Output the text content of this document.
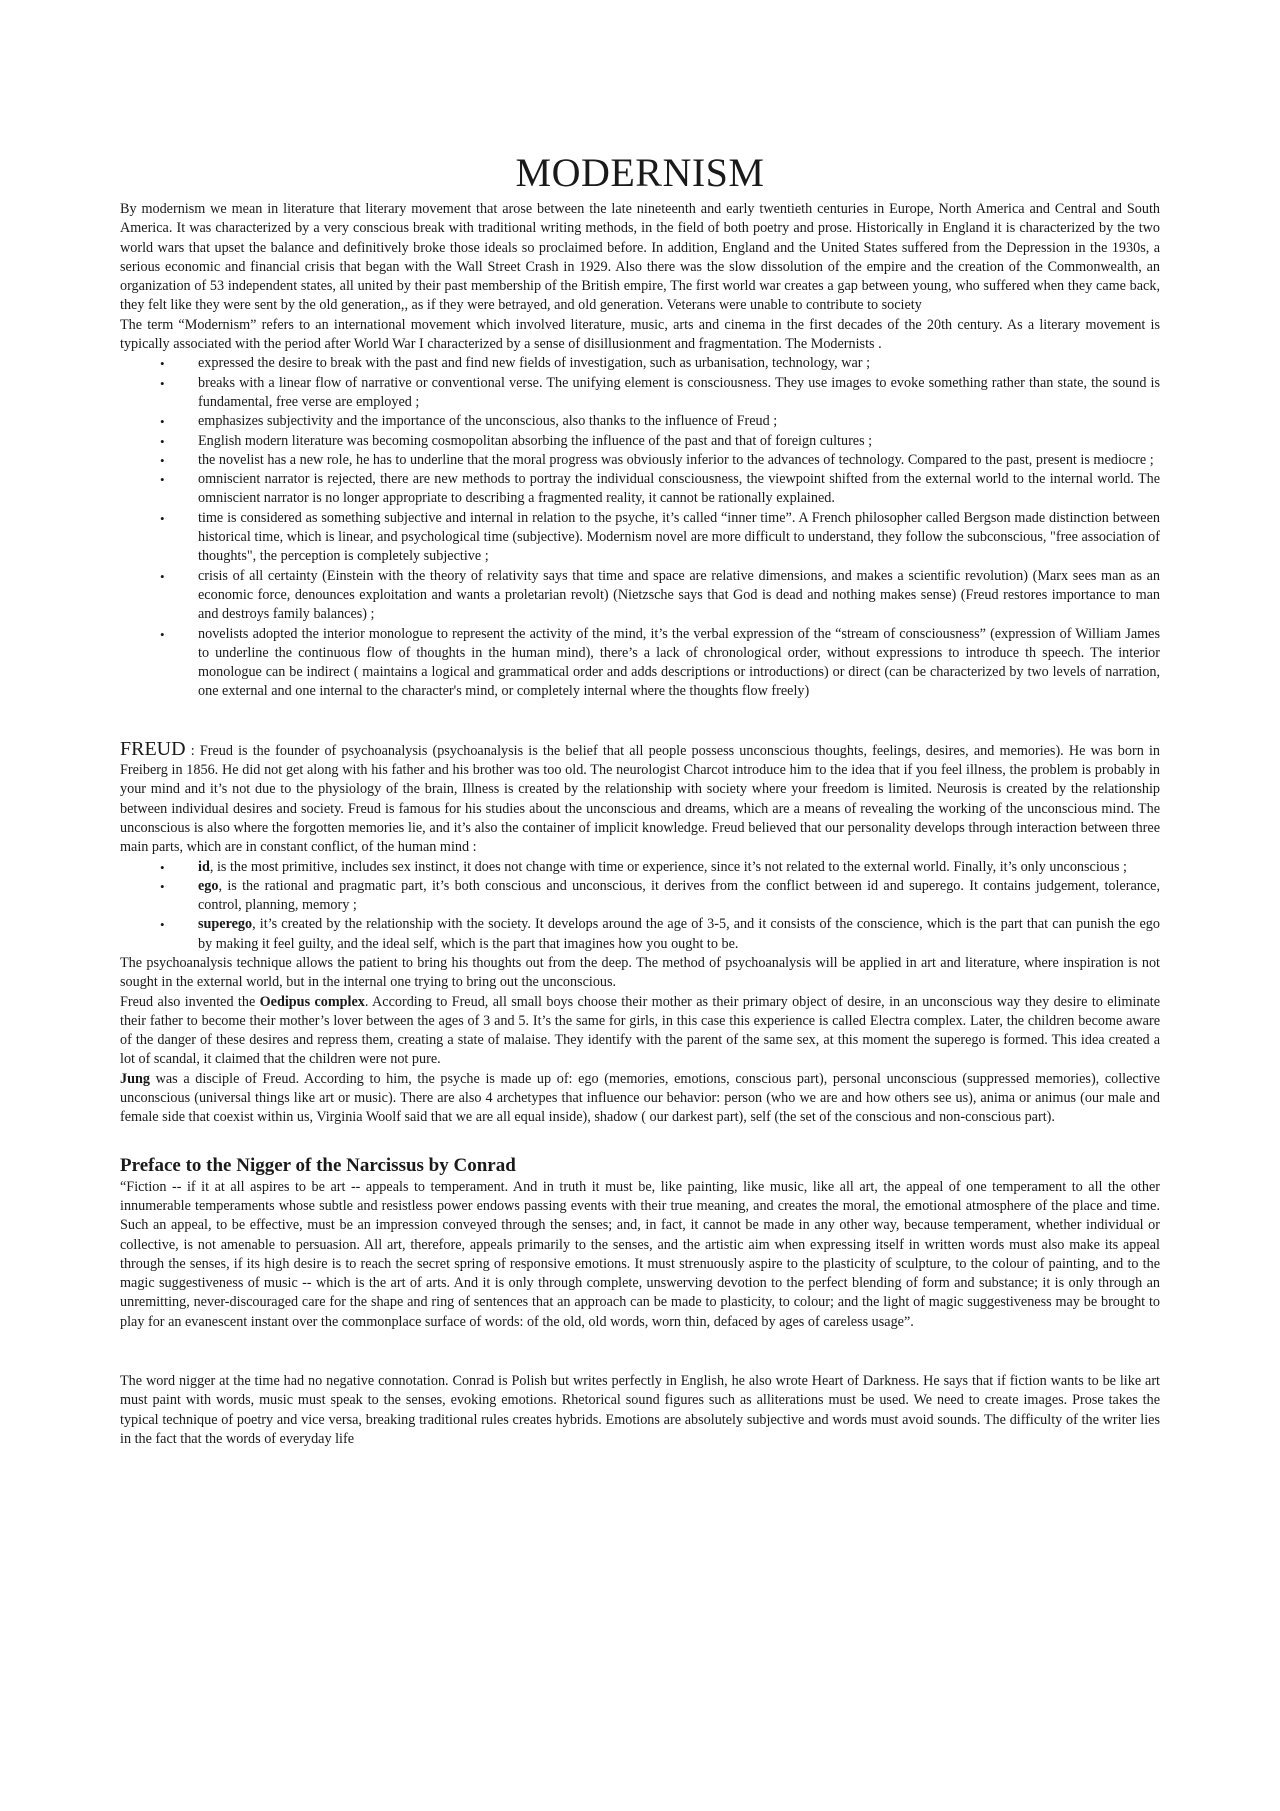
MODERNISM

By modernism we mean in literature that literary movement that arose between the late nineteenth and early twentieth centuries in Europe, North America and Central and South America. It was characterized by a very conscious break with traditional writing methods, in the field of both poetry and prose. Historically in England it is characterized by the two world wars that upset the balance and definitively broke those ideals so proclaimed before. In addition, England and the United States suffered from the Depression in the 1930s, a serious economic and financial crisis that began with the Wall Street Crash in 1929. Also there was the slow dissolution of the empire and the creation of the Commonwealth, an organization of 53 independent states, all united by their past membership of the British empire, The first world war creates a gap between young, who suffered when they came back, they felt like they were sent by the old generation,, as if they were betrayed, and old generation. Veterans were unable to contribute to society

The term “Modernism” refers to an international movement which involved literature, music, arts and cinema in the first decades of the 20th century. As a literary movement is typically associated with the period after World War I characterized by a sense of disillusionment and fragmentation. The Modernists .

• expressed the desire to break with the past and find new fields of investigation, such as urbanisation, technology, war ;
• breaks with a linear flow of narrative or conventional verse. The unifying element is consciousness. They use images to evoke something rather than state, the sound is fundamental, free verse are employed ;
• emphasizes subjectivity and the importance of the unconscious, also thanks to the influence of Freud ;
• English modern literature was becoming cosmopolitan absorbing the influence of the past and that of foreign cultures ;
• the novelist has a new role, he has to underline that the moral progress was obviously inferior to the advances of technology. Compared to the past, present is mediocre ;
• omniscient narrator is rejected, there are new methods to portray the individual consciousness, the viewpoint shifted from the external world to the internal world. The omniscient narrator is no longer appropriate to describing a fragmented reality, it cannot be rationally explained.
• time is considered as something subjective and internal in relation to the psyche, it’s called “inner time”. A French philosopher called Bergson made distinction between historical time, which is linear, and psychological time (subjective). Modernism novel are more difficult to understand, they follow the subconscious, "free association of thoughts", the perception is completely subjective ;
• crisis of all certainty (Einstein with the theory of relativity says that time and space are relative dimensions, and makes a scientific revolution) (Marx sees man as an economic force, denounces exploitation and wants a proletarian revolt) (Nietzsche says that God is dead and nothing makes sense) (Freud restores importance to man and destroys family balances) ;
• novelists adopted the interior monologue to represent the activity of the mind, it’s the verbal expression of the “stream of consciousness” (expression of William James to underline the continuous flow of thoughts in the human mind), there’s a lack of chronological order, without expressions to introduce th speech. The interior monologue can be indirect ( maintains a logical and grammatical order and adds descriptions or introductions) or direct (can be characterized by two levels of narration, one external and one internal to the character's mind, or completely internal where the thoughts flow freely)

FREUD : Freud is the founder of psychoanalysis (psychoanalysis is the belief that all people possess unconscious thoughts, feelings, desires, and memories). He was born in Freiberg in 1856. He did not get along with his father and his brother was too old. The neurologist Charcot introduce him to the idea that if you feel illness, the problem is probably in your mind and it’s not due to the physiology of the brain, Illness is created by the relationship with society where your freedom is limited. Neurosis is created by the relationship between individual desires and society. Freud is famous for his studies about the unconscious and dreams, which are a means of revealing the working of the unconscious mind. The unconscious is also where the forgotten memories lie, and it’s also the container of implicit knowledge. Freud believed that our personality develops through interaction between three main parts, which are in constant conflict, of the human mind :

• id, is the most primitive, includes sex instinct, it does not change with time or experience, since it’s not related to the external world. Finally, it’s only unconscious ;
• ego, is the rational and pragmatic part, it’s both conscious and unconscious, it derives from the conflict between id and superego. It contains judgement, tolerance, control, planning, memory ;
• superego, it’s created by the relationship with the society. It develops around the age of 3-5, and it consists of the conscience, which is the part that can punish the ego by making it feel guilty, and the ideal self, which is the part that imagines how you ought to be.

The psychoanalysis technique allows the patient to bring his thoughts out from the deep. The method of psychoanalysis will be applied in art and literature, where inspiration is not sought in the external world, but in the internal one trying to bring out the unconscious.

Freud also invented the Oedipus complex. According to Freud, all small boys choose their mother as their primary object of desire, in an unconscious way they desire to eliminate their father to become their mother’s lover between the ages of 3 and 5. It’s the same for girls, in this case this experience is called Electra complex. Later, the children become aware of the danger of these desires and repress them, creating a state of malaise. They identify with the parent of the same sex, at this moment the superego is formed. This idea created a lot of scandal, it claimed that the children were not pure.

Jung was a disciple of Freud. According to him, the psyche is made up of: ego (memories, emotions, conscious part), personal unconscious (suppressed memories), collective unconscious (universal things like art or music). There are also 4 archetypes that influence our behavior: person (who we are and how others see us), anima or animus (our male and female side that coexist within us, Virginia Woolf said that we are all equal inside), shadow ( our darkest part), self (the set of the conscious and non-conscious part).

Preface to the Nigger of the Narcissus by Conrad

“Fiction -- if it at all aspires to be art -- appeals to temperament. And in truth it must be, like painting, like music, like all art, the appeal of one temperament to all the other innumerable temperaments whose subtle and resistless power endows passing events with their true meaning, and creates the moral, the emotional atmosphere of the place and time. Such an appeal, to be effective, must be an impression conveyed through the senses; and, in fact, it cannot be made in any other way, because temperament, whether individual or collective, is not amenable to persuasion. All art, therefore, appeals primarily to the senses, and the artistic aim when expressing itself in written words must also make its appeal through the senses, if its high desire is to reach the secret spring of responsive emotions. It must strenuously aspire to the plasticity of sculpture, to the colour of painting, and to the magic suggestiveness of music -- which is the art of arts. And it is only through complete, unswerving devotion to the perfect blending of form and substance; it is only through an unremitting, never-discouraged care for the shape and ring of sentences that an approach can be made to plasticity, to colour; and the light of magic suggestiveness may be brought to play for an evanescent instant over the commonplace surface of words: of the old, old words, worn thin, defaced by ages of careless usage”.

The word nigger at the time had no negative connotation. Conrad is Polish but writes perfectly in English, he also wrote Heart of Darkness. He says that if fiction wants to be like art must paint with words, music must speak to the senses, evoking emotions. Rhetorical sound figures such as alliterations must be used. We need to create images. Prose takes the typical technique of poetry and vice versa, breaking traditional rules creates hybrids. Emotions are absolutely subjective and words must avoid sounds. The difficulty of the writer lies in the fact that the words of everyday life
